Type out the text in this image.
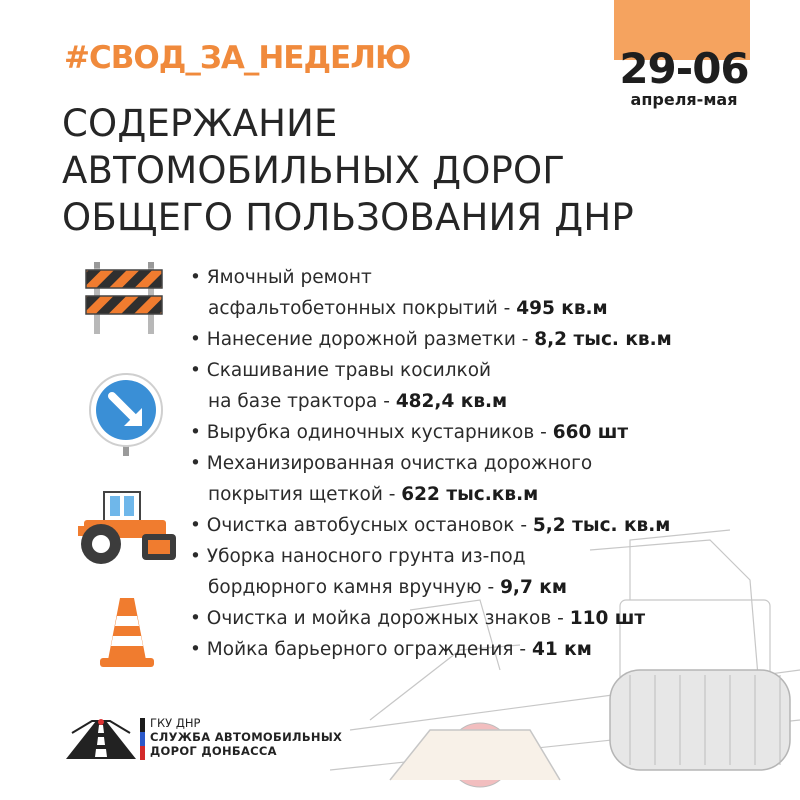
#СВОД_ЗА_НЕДЕЛЮ	29-06
апреля-мая
СОДЕРЖАНИЕ
АВТОМОБИЛЬНЫХ ДОРОГ
ОБЩЕГО ПОЛЬЗОВАНИЯ ДНР
• Ямочный ремонт
асфальтобетонных покрытий - 495 кв.м
• Нанесение дорожной разметки - 8,2 тыс. кв.м
• Скашивание травы косилкой
на базе трактора - 482,4 кв.м
• Вырубка одиночных кустарников - 660 шт
• Механизированная очистка дорожного
покрытия щеткой - 622 тыс.кв.м
• Очистка автобусных остановок - 5,2 тыс. кв.м
• Уборка наносного грунта из-под
бордюрного камня вручную - 9,7 км
• Очистка и мойка дорожных знаков - 110 шт
• Мойка барьерного ограждения - 41 км
ГКУ ДНР
СЛУЖБА АВТОМОБИЛЬНЫХ
ДОРОГ ДОНБАССА
